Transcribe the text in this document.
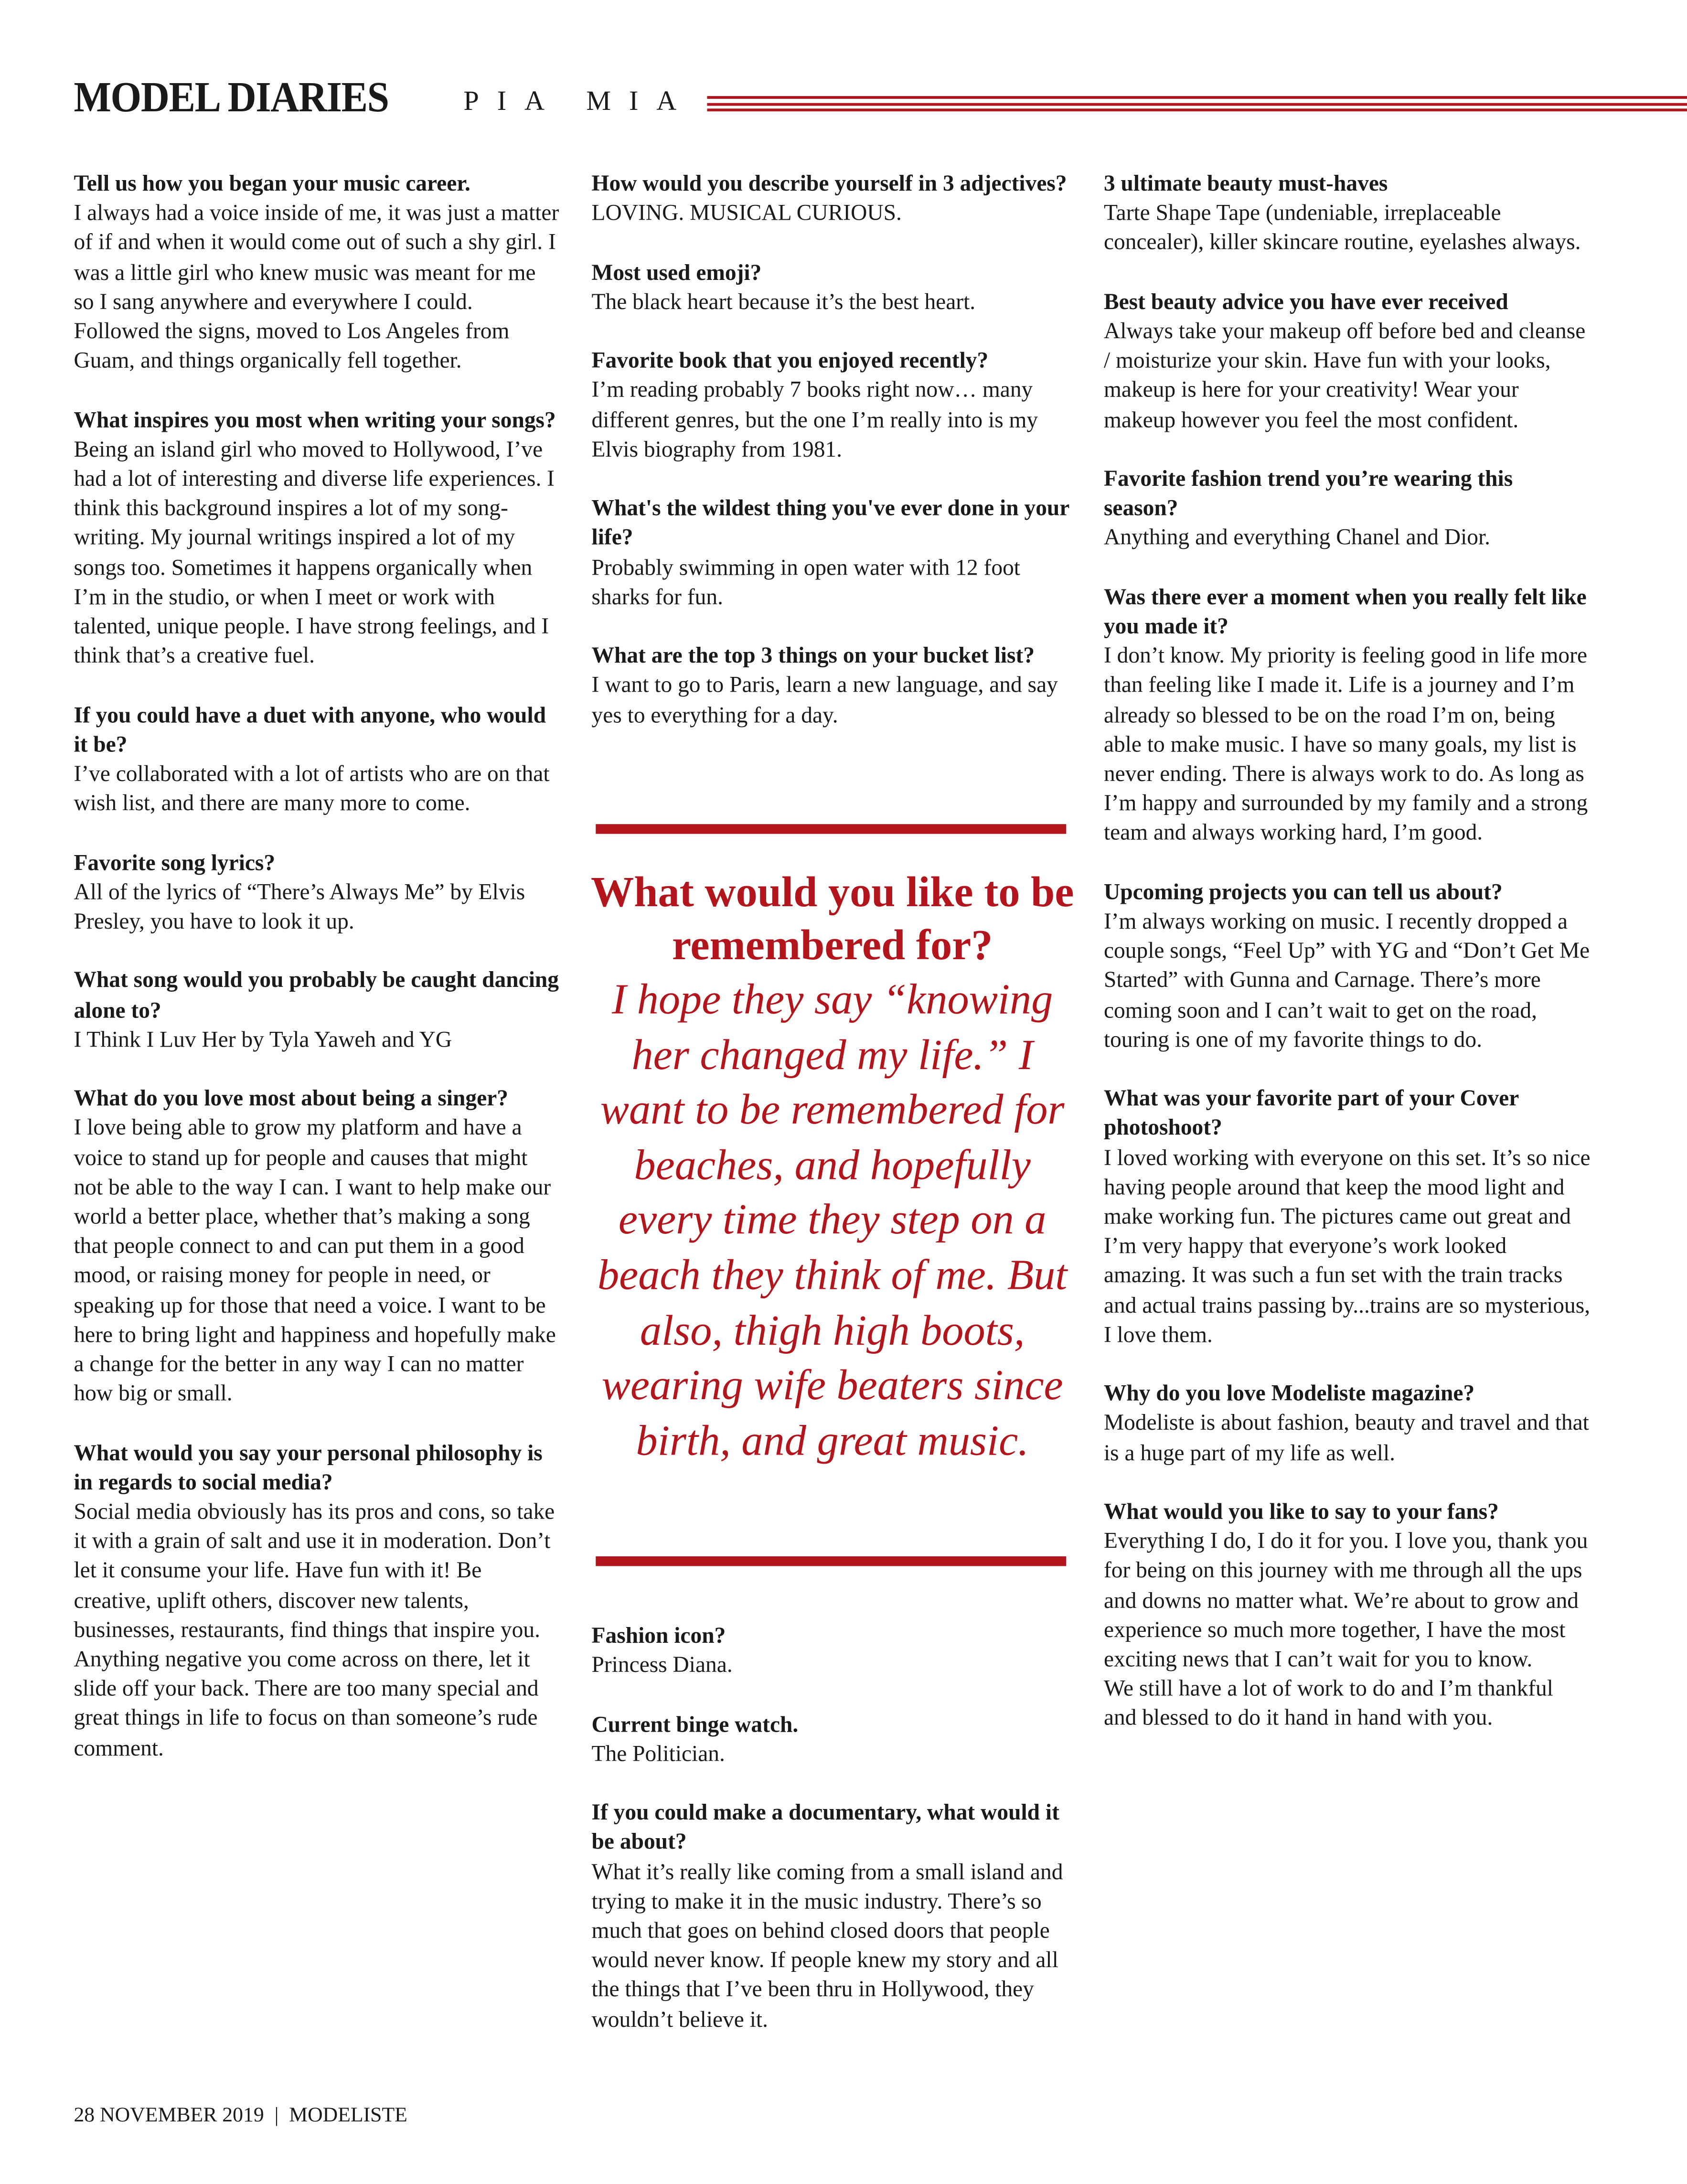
MODEL DIARIES	PIA MIA
Tell us how you began your music career.
I always had a voice inside of me, it was just a matter of if and when it would come out of such a shy girl. I was a little girl who knew music was meant for me so I sang anywhere and everywhere I could. Followed the signs, moved to Los Angeles from Guam, and things organically fell together.
What inspires you most when writing your songs?
Being an island girl who moved to Hollywood, I’ve had a lot of interesting and diverse life experiences. I think this background inspires a lot of my song-writing. My journal writings inspired a lot of my songs too. Sometimes it happens organically when I’m in the studio, or when I meet or work with talented, unique people. I have strong feelings, and I think that’s a creative fuel.
If you could have a duet with anyone, who would it be?
I’ve collaborated with a lot of artists who are on that wish list, and there are many more to come.
Favorite song lyrics?
All of the lyrics of “There’s Always Me” by Elvis Presley, you have to look it up.
What song would you probably be caught dancing alone to?
I Think I Luv Her by Tyla Yaweh and YG
What do you love most about being a singer?
I love being able to grow my platform and have a voice to stand up for people and causes that might not be able to the way I can. I want to help make our world a better place, whether that’s making a song that people connect to and can put them in a good mood, or raising money for people in need, or speaking up for those that need a voice. I want to be here to bring light and happiness and hopefully make a change for the better in any way I can no matter how big or small.
What would you say your personal philosophy is in regards to social media?
Social media obviously has its pros and cons, so take it with a grain of salt and use it in moderation. Don’t let it consume your life. Have fun with it! Be creative, uplift others, discover new talents, businesses, restaurants, find things that inspire you. Anything negative you come across on there, let it slide off your back. There are too many special and great things in life to focus on than someone’s rude comment.
How would you describe yourself in 3 adjectives?
LOVING. MUSICAL CURIOUS.
Most used emoji?
The black heart because it’s the best heart.
Favorite book that you enjoyed recently?
I’m reading probably 7 books right now… many different genres, but the one I’m really into is my Elvis biography from 1981.
What's the wildest thing you've ever done in your life?
Probably swimming in open water with 12 foot sharks for fun.
What are the top 3 things on your bucket list?
I want to go to Paris, learn a new language, and say yes to everything for a day.
3 ultimate beauty must-haves
Tarte Shape Tape (undeniable, irreplaceable concealer), killer skincare routine, eyelashes always.
Best beauty advice you have ever received
Always take your makeup off before bed and cleanse / moisturize your skin. Have fun with your looks, makeup is here for your creativity! Wear your makeup however you feel the most confident.
Favorite fashion trend you’re wearing this season?
Anything and everything Chanel and Dior.
Was there ever a moment when you really felt like you made it?
I don’t know. My priority is feeling good in life more than feeling like I made it. Life is a journey and I’m already so blessed to be on the road I’m on, being able to make music. I have so many goals, my list is never ending. There is always work to do. As long as I’m happy and surrounded by my family and a strong team and always working hard, I’m good.
Upcoming projects you can tell us about?
I’m always working on music. I recently dropped a couple songs, “Feel Up” with YG and “Don’t Get Me Started” with Gunna and Carnage. There’s more coming soon and I can’t wait to get on the road, touring is one of my favorite things to do.
What was your favorite part of your Cover photoshoot?
I loved working with everyone on this set. It’s so nice having people around that keep the mood light and make working fun. The pictures came out great and I’m very happy that everyone’s work looked amazing. It was such a fun set with the train tracks and actual trains passing by...trains are so mysterious, I love them.
Why do you love Modeliste magazine?
Modeliste is about fashion, beauty and travel and that is a huge part of my life as well.
What would you like to say to your fans?
Everything I do, I do it for you. I love you, thank you for being on this journey with me through all the ups and downs no matter what. We’re about to grow and experience so much more together, I have the most exciting news that I can’t wait for you to know.
We still have a lot of work to do and I’m thankful and blessed to do it hand in hand with you.
What would you like to be remembered for?
I hope they say “knowing her changed my life.” I want to be remembered for beaches, and hopefully every time they step on a beach they think of me. But also, thigh high boots, wearing wife beaters since birth, and great music.
Fashion icon?
Princess Diana.
Current binge watch.
The Politician.
If you could make a documentary, what would it be about?
What it’s really like coming from a small island and trying to make it in the music industry. There’s so much that goes on behind closed doors that people would never know. If people knew my story and all the things that I’ve been thru in Hollywood, they wouldn’t believe it.
28 NOVEMBER 2019  |  MODELISTE
